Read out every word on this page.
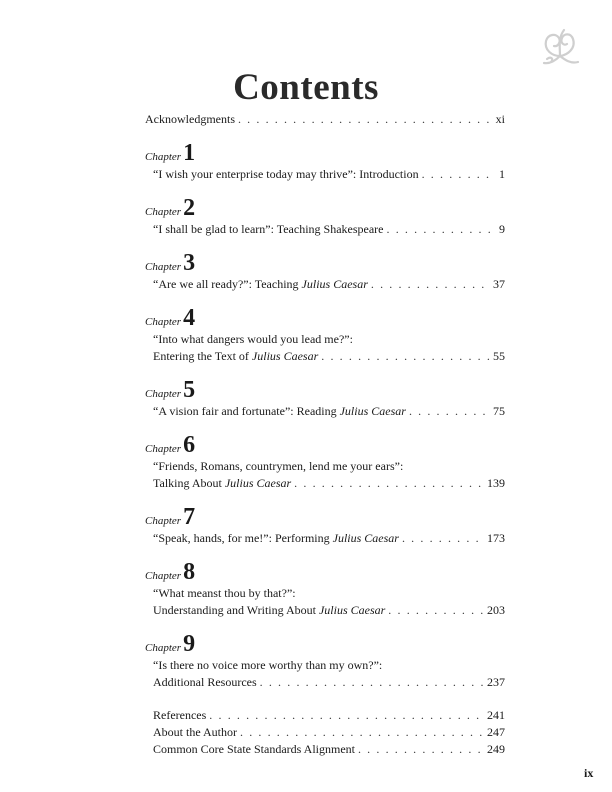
Contents
Acknowledgments . . .	xi
Chapter 1
“I wish your enterprise today may thrive”: Introduction . . .	1
Chapter 2
“I shall be glad to learn”: Teaching Shakespeare . . .	9
Chapter 3
“Are we all ready?”: Teaching Julius Caesar . . .	37
Chapter 4
“Into what dangers would you lead me?”:
Entering the Text of Julius Caesar . . .	55
Chapter 5
“A vision fair and fortunate”: Reading Julius Caesar . . .	75
Chapter 6
“Friends, Romans, countrymen, lend me your ears”:
Talking About Julius Caesar . . .	139
Chapter 7
“Speak, hands, for me!”: Performing Julius Caesar . . .	173
Chapter 8
“What meanst thou by that?”:
Understanding and Writing About Julius Caesar . . .	203
Chapter 9
“Is there no voice more worthy than my own?”:
Additional Resources . . .	237
References . . .	241
About the Author . . .	247
Common Core State Standards Alignment . . .	249
ix
